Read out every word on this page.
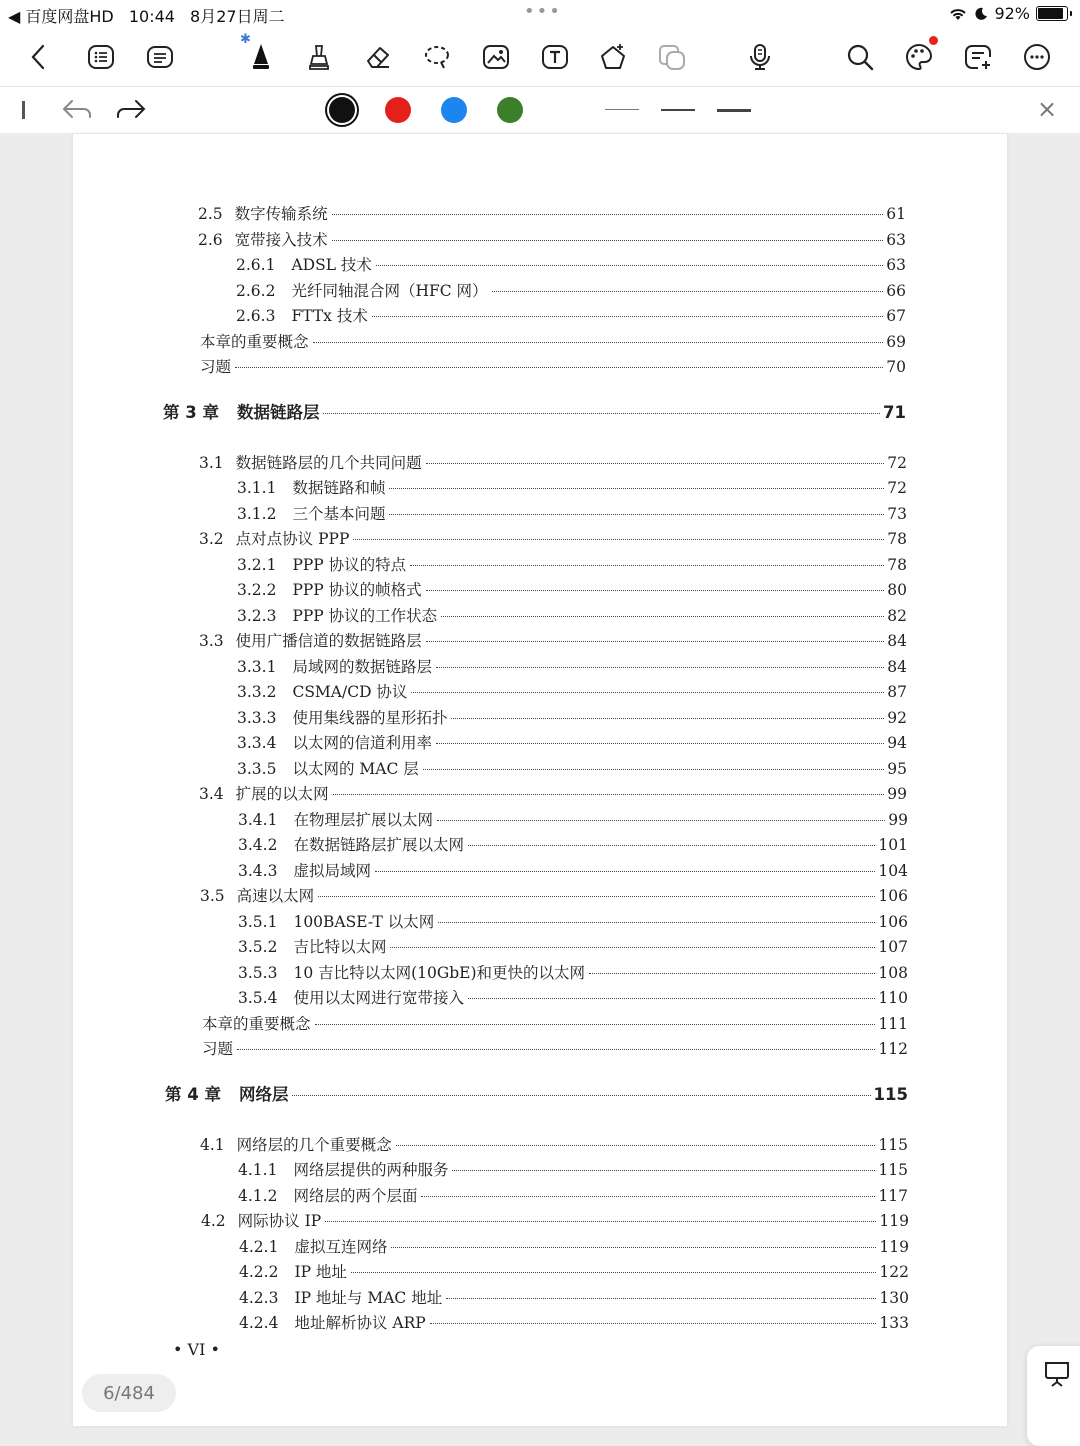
◀ 百度网盘HD 10:44 8月27日周二	•••	92%
✱
×
2.5 数字传输系统	61
2.6 宽带接入技术	63
2.6.1 ADSL 技术	63
2.6.2 光纤同轴混合网（HFC 网）	66
2.6.3 FTTx 技术	67
本章的重要概念	69
习题	70
第 3 章 数据链路层	71
3.1 数据链路层的几个共同问题	72
3.1.1 数据链路和帧	72
3.1.2 三个基本问题	73
3.2 点对点协议 PPP	78
3.2.1 PPP 协议的特点	78
3.2.2 PPP 协议的帧格式	80
3.2.3 PPP 协议的工作状态	82
3.3 使用广播信道的数据链路层	84
3.3.1 局域网的数据链路层	84
3.3.2 CSMA/CD 协议	87
3.3.3 使用集线器的星形拓扑	92
3.3.4 以太网的信道利用率	94
3.3.5 以太网的 MAC 层	95
3.4 扩展的以太网	99
3.4.1 在物理层扩展以太网	99
3.4.2 在数据链路层扩展以太网	101
3.4.3 虚拟局域网	104
3.5 高速以太网	106
3.5.1 100BASE-T 以太网	106
3.5.2 吉比特以太网	107
3.5.3 10 吉比特以太网(10GbE)和更快的以太网	108
3.5.4 使用以太网进行宽带接入	110
本章的重要概念	111
习题	112
第 4 章 网络层	115
4.1 网络层的几个重要概念	115
4.1.1 网络层提供的两种服务	115
4.1.2 网络层的两个层面	117
4.2 网际协议 IP	119
4.2.1 虚拟互连网络	119
4.2.2 IP 地址	122
4.2.3 IP 地址与 MAC 地址	130
4.2.4 地址解析协议 ARP	133
• VI •
6/484
